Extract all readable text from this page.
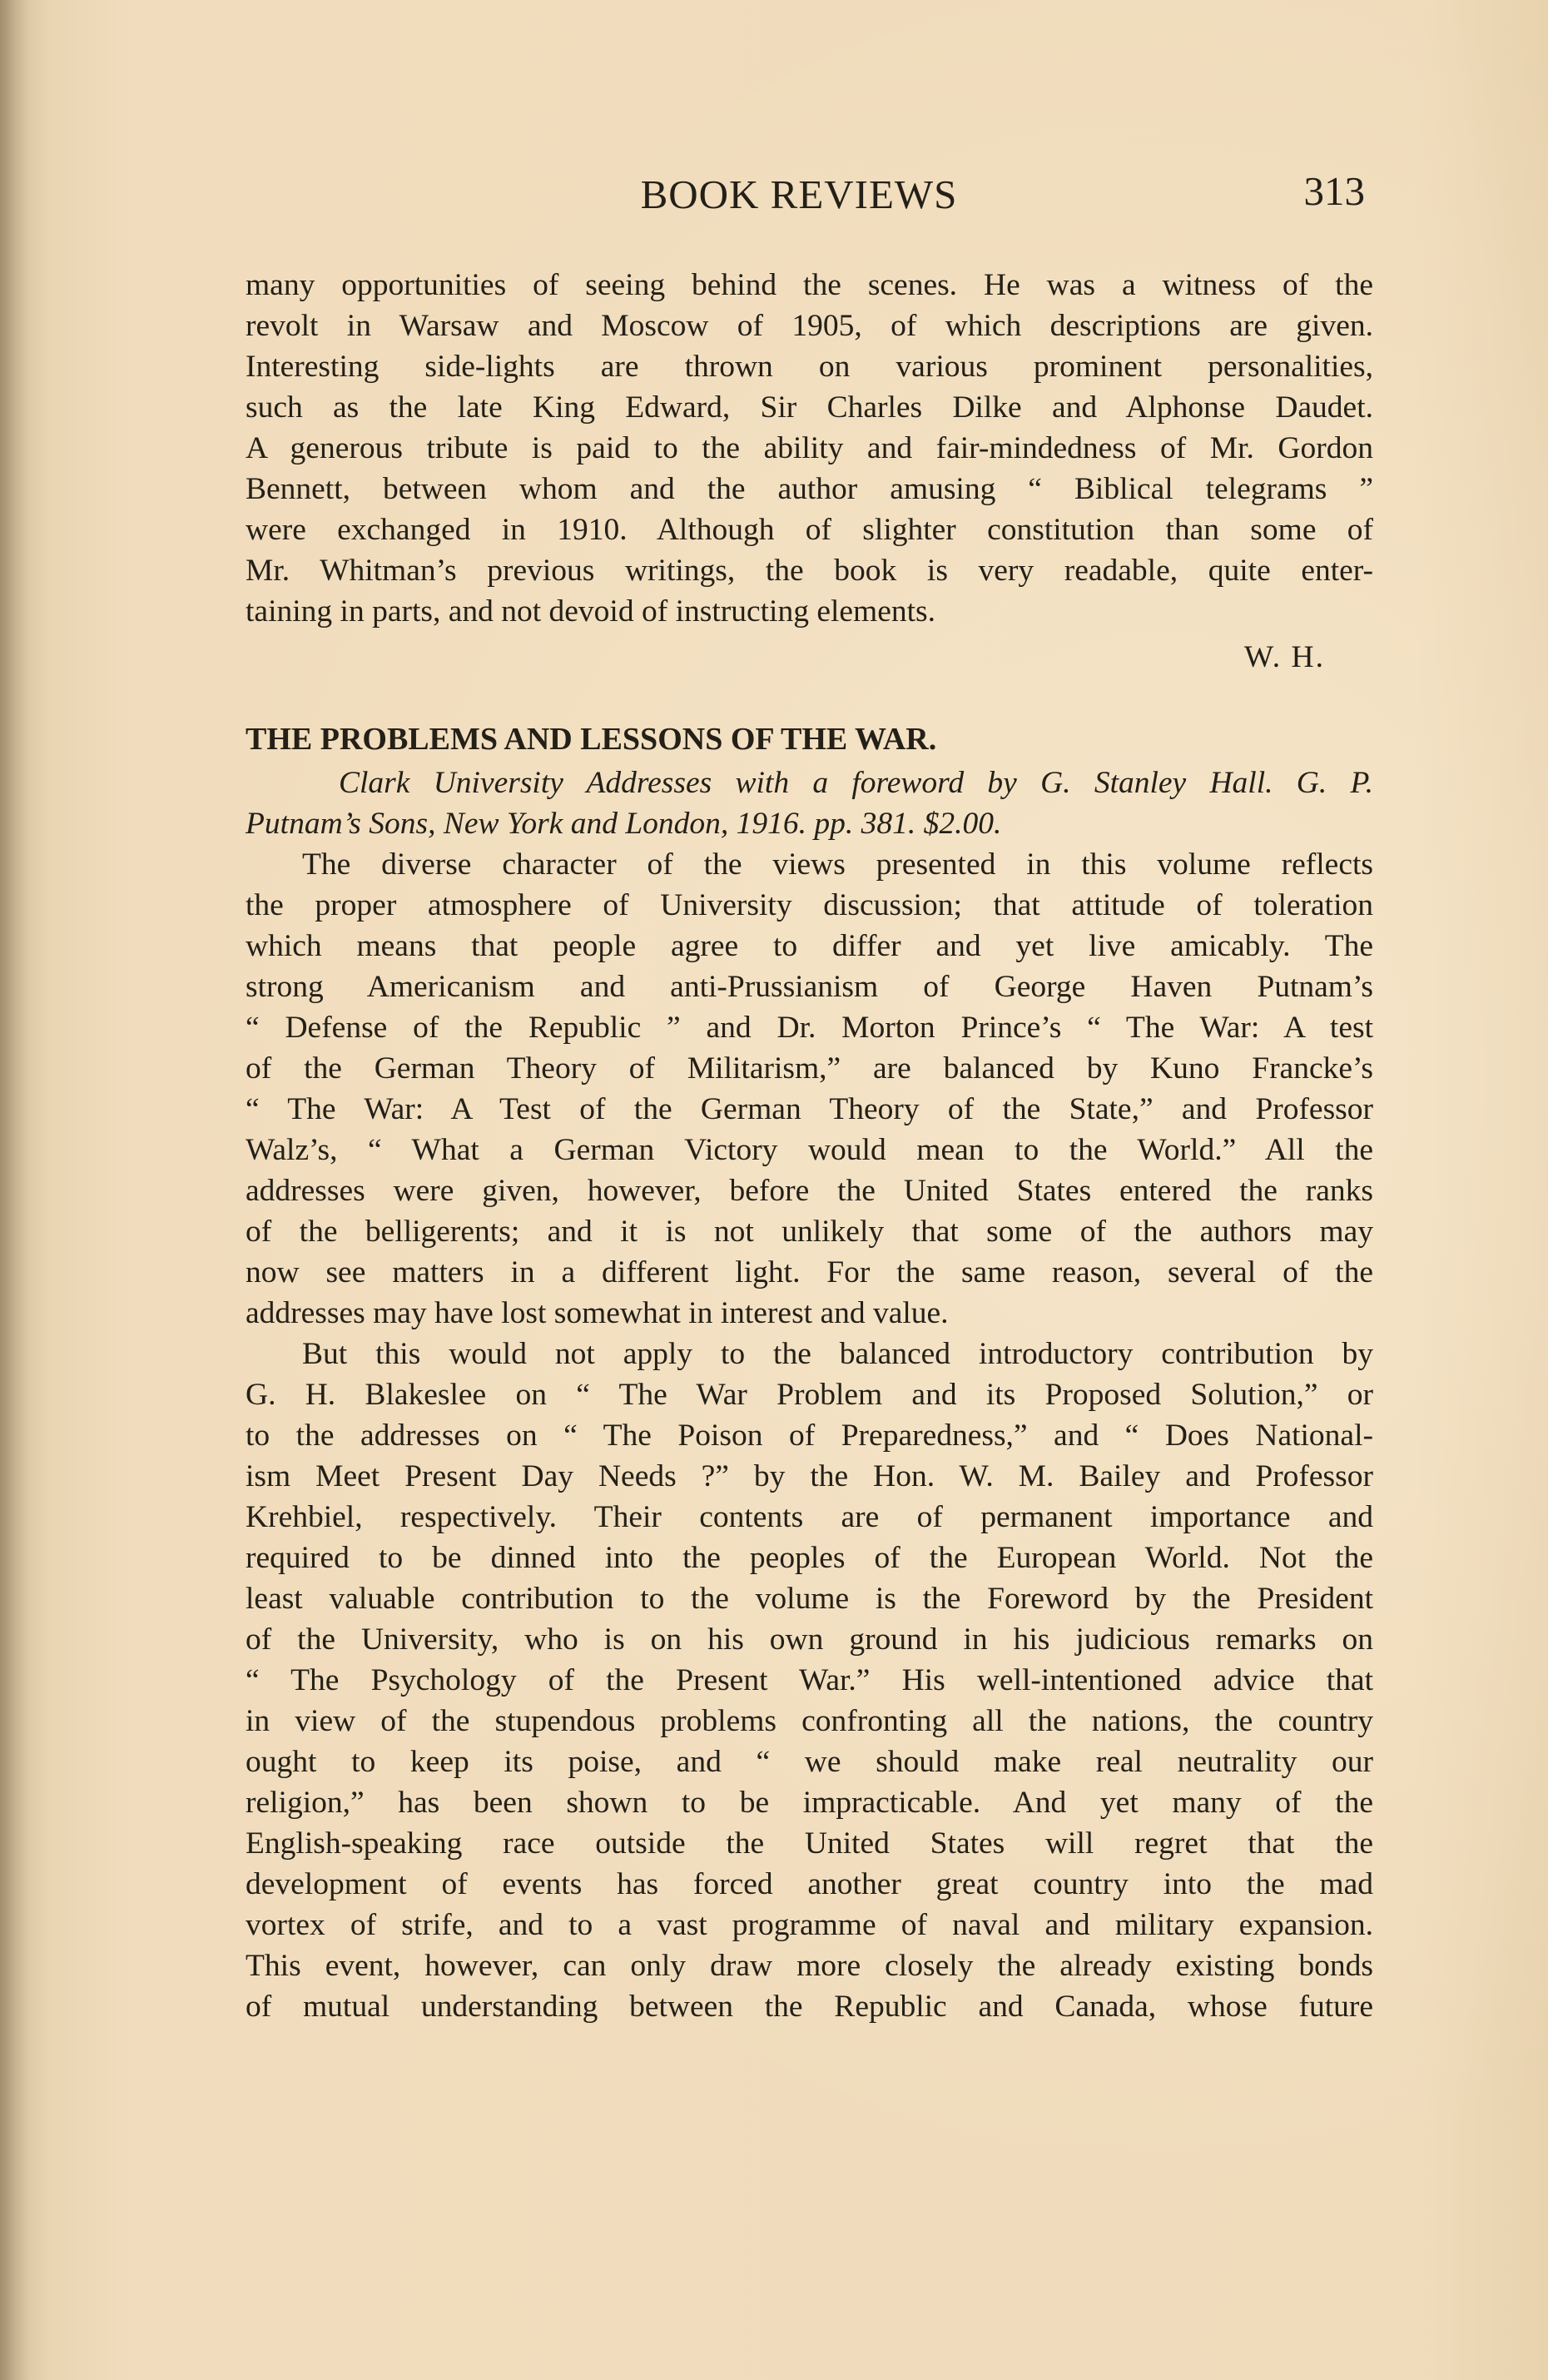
BOOK REVIEWS	313
many opportunities of seeing behind the scenes. He was a witness of the
revolt in Warsaw and Moscow of 1905, of which descriptions are given.
Interesting side-lights are thrown on various prominent personalities,
such as the late King Edward, Sir Charles Dilke and Alphonse Daudet.
A generous tribute is paid to the ability and fair-mindedness of Mr. Gordon
Bennett, between whom and the author amusing “ Biblical telegrams ”
were exchanged in 1910. Although of slighter constitution than some of
Mr. Whitman’s previous writings, the book is very readable, quite enter-
taining in parts, and not devoid of instructing elements.
W. H.
THE PROBLEMS AND LESSONS OF THE WAR.
Clark University Addresses with a foreword by G. Stanley Hall. G. P.
Putnam’s Sons, New York and London, 1916. pp. 381. $2.00.
The diverse character of the views presented in this volume reflects
the proper atmosphere of University discussion; that attitude of toleration
which means that people agree to differ and yet live amicably. The
strong Americanism and anti-Prussianism of George Haven Putnam’s
“ Defense of the Republic ” and Dr. Morton Prince’s “ The War: A test
of the German Theory of Militarism,” are balanced by Kuno Francke’s
“ The War: A Test of the German Theory of the State,” and Professor
Walz’s, “ What a German Victory would mean to the World.” All the
addresses were given, however, before the United States entered the ranks
of the belligerents; and it is not unlikely that some of the authors may
now see matters in a different light. For the same reason, several of the
addresses may have lost somewhat in interest and value.
But this would not apply to the balanced introductory contribution by
G. H. Blakeslee on “ The War Problem and its Proposed Solution,” or
to the addresses on “ The Poison of Preparedness,” and “ Does National-
ism Meet Present Day Needs ?” by the Hon. W. M. Bailey and Professor
Krehbiel, respectively. Their contents are of permanent importance and
required to be dinned into the peoples of the European World. Not the
least valuable contribution to the volume is the Foreword by the President
of the University, who is on his own ground in his judicious remarks on
“ The Psychology of the Present War.” His well-intentioned advice that
in view of the stupendous problems confronting all the nations, the country
ought to keep its poise, and “ we should make real neutrality our
religion,” has been shown to be impracticable. And yet many of the
English-speaking race outside the United States will regret that the
development of events has forced another great country into the mad
vortex of strife, and to a vast programme of naval and military expansion.
This event, however, can only draw more closely the already existing bonds
of mutual understanding between the Republic and Canada, whose future
